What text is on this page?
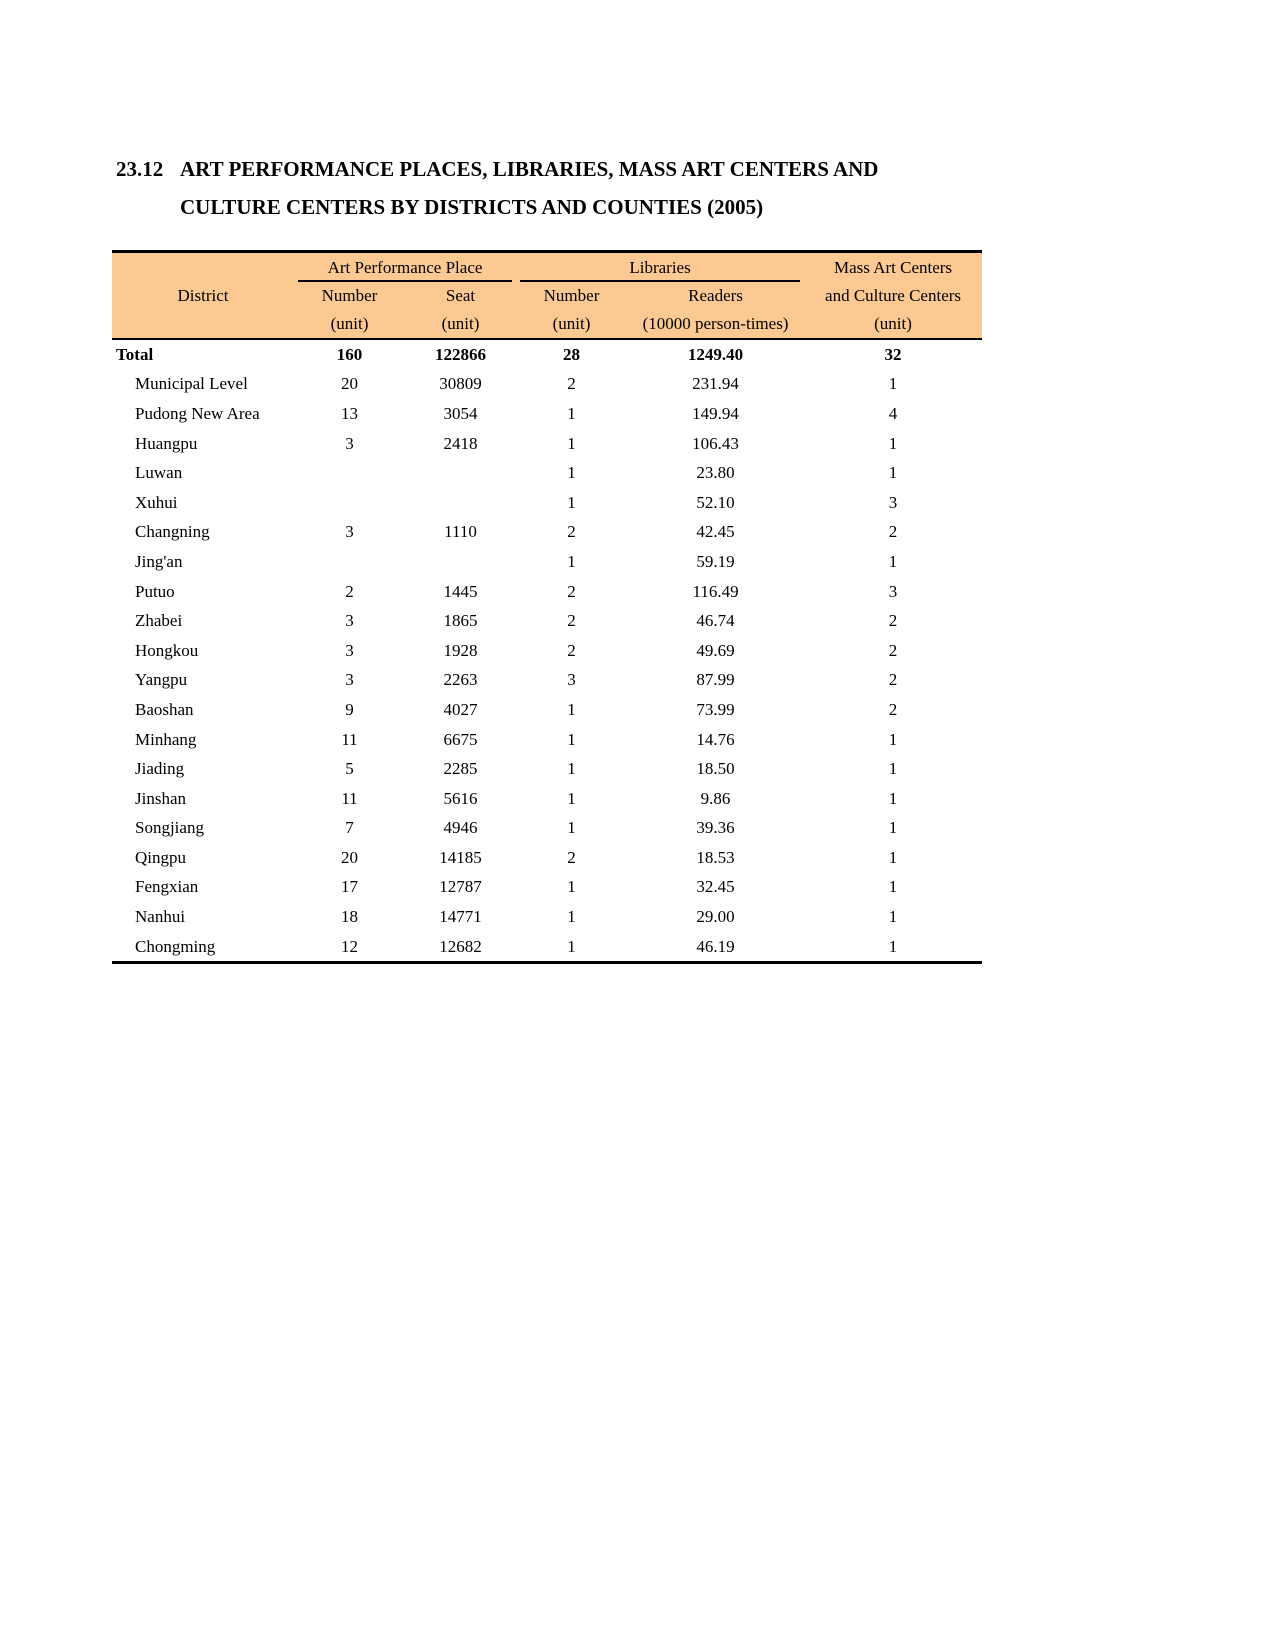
23.12 ART PERFORMANCE PLACES, LIBRARIES, MASS ART CENTERS AND
CULTURE CENTERS BY DISTRICTS AND COUNTIES (2005)
District	Art Performance Place		Libraries		Mass Art Centers
	Number	Seat	Number	Readers	and Culture Centers
	(unit)	(unit)	(unit)	(10000 person-times)	(unit)
Total	160	122866	28	1249.40	32
Municipal Level	20	30809	2	231.94	1
Pudong New Area	13	3054	1	149.94	4
Huangpu	3	2418	1	106.43	1
Luwan			1	23.80	1
Xuhui			1	52.10	3
Changning	3	1110	2	42.45	2
Jing'an			1	59.19	1
Putuo	2	1445	2	116.49	3
Zhabei	3	1865	2	46.74	2
Hongkou	3	1928	2	49.69	2
Yangpu	3	2263	3	87.99	2
Baoshan	9	4027	1	73.99	2
Minhang	11	6675	1	14.76	1
Jiading	5	2285	1	18.50	1
Jinshan	11	5616	1	9.86	1
Songjiang	7	4946	1	39.36	1
Qingpu	20	14185	2	18.53	1
Fengxian	17	12787	1	32.45	1
Nanhui	18	14771	1	29.00	1
Chongming	12	12682	1	46.19	1
